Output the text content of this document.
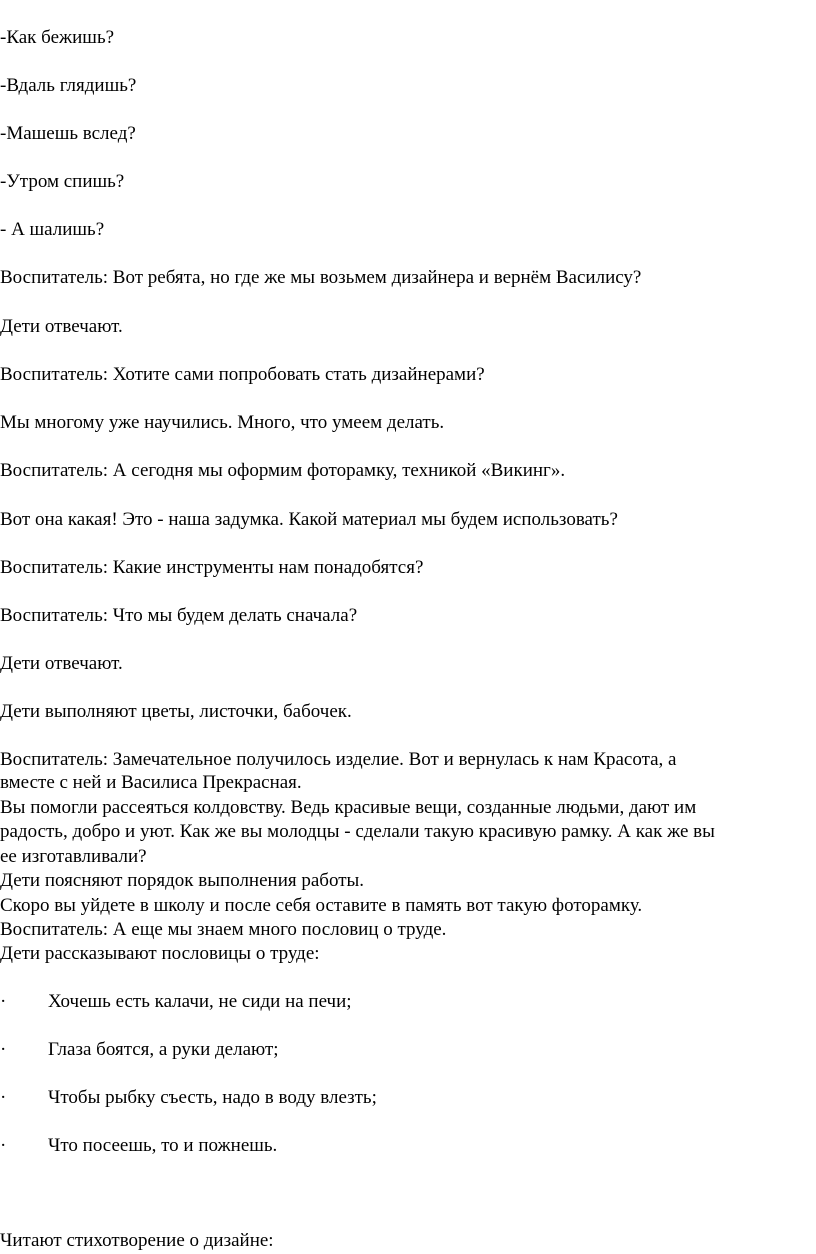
-Как бежишь?
-Вдаль глядишь?
-Машешь вслед?
-Утром спишь?
- А шалишь?
Воспитатель: Вот ребята, но где же мы возьмем дизайнера и вернём Василису?
Дети отвечают.
Воспитатель: Хотите сами попробовать стать дизайнерами?
Мы многому уже научились. Много, что умеем делать.
Воспитатель: А сегодня мы оформим фоторамку, техникой «Викинг».
Вот она какая! Это - наша задумка. Какой материал мы будем использовать?
Воспитатель: Какие инструменты нам понадобятся?
Воспитатель: Что мы будем делать сначала?
Дети отвечают.
Дети выполняют цветы, листочки, бабочек.
Воспитатель: Замечательное получилось изделие. Вот и вернулась к нам Красота, а
вместе с ней и Василиса Прекрасная.
Вы помогли рассеяться колдовству. Ведь красивые вещи, созданные людьми, дают им
радость, добро и уют. Как же вы молодцы - сделали такую красивую рамку. А как же вы
ее изготавливали?
Дети поясняют порядок выполнения работы.
Скоро вы уйдете в школу и после себя оставите в память вот такую фоторамку.
Воспитатель: А еще мы знаем много пословиц о труде.
Дети рассказывают пословицы о труде:
· Хочешь есть калачи, не сиди на печи;
· Глаза боятся, а руки делают;
· Чтобы рыбку съесть, надо в воду влезть;
· Что посеешь, то и пожнешь.
Читают стихотворение о дизайне:
